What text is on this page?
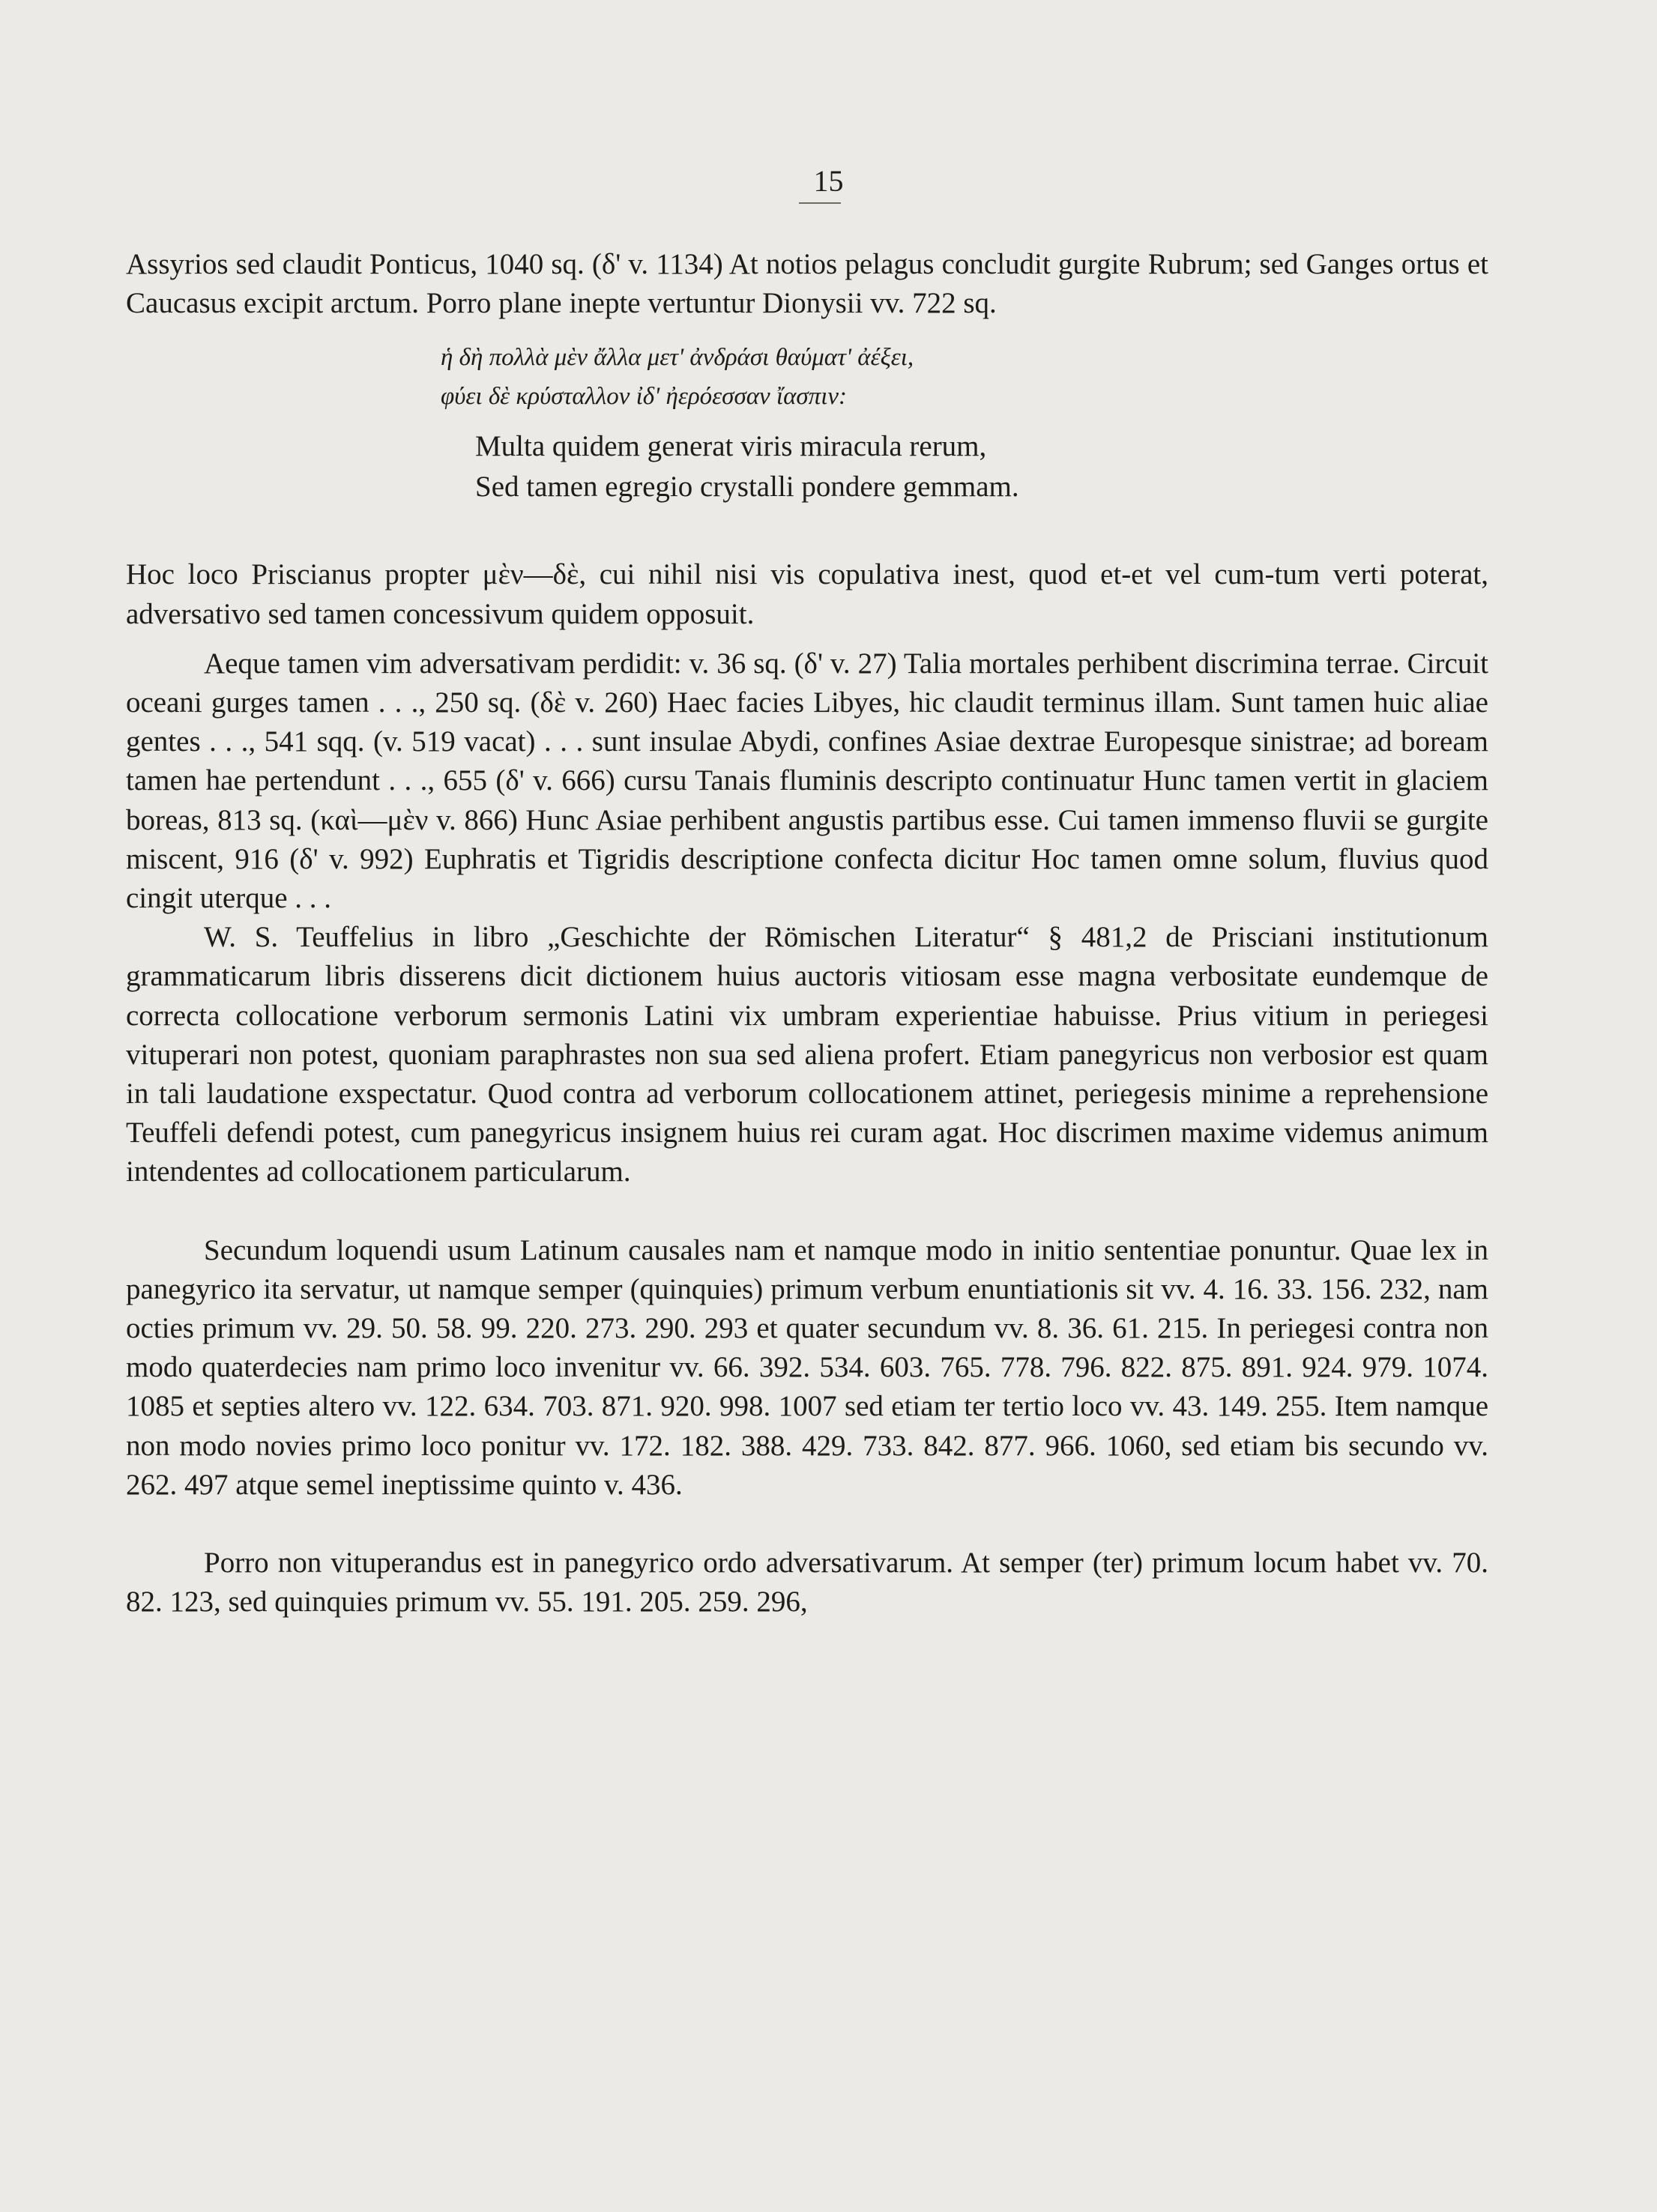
15

Assyrios sed claudit Ponticus, 1040 sq. (δ' v. 1134) At notios pelagus concludit gurgite Rubrum; sed Ganges ortus et Caucasus excipit arctum. Porro plane inepte vertuntur Dionysii vv. 722 sq.

ἡ δὴ πολλὰ μὲν ἄλλα μετ' ἀνδράσι θαύματ' ἀέξει,
φύει δὲ κρύσταλλον ἰδ' ἠερόεσσαν ἴασπιν:
Multa quidem generat viris miracula rerum,
Sed tamen egregio crystalli pondere gemmam.

Hoc loco Priscianus propter μὲν—δὲ, cui nihil nisi vis copulativa inest, quod et-et vel cum-tum verti poterat, adversativo sed tamen concessivum quidem opposuit.

Aeque tamen vim adversativam perdidit: v. 36 sq. (δ' v. 27) Talia mortales perhibent discrimina terrae. Circuit oceani gurges tamen . . ., 250 sq. (δὲ v. 260) Haec facies Libyes, hic claudit terminus illam. Sunt tamen huic aliae gentes . . ., 541 sqq. (v. 519 vacat) . . . sunt insulae Abydi, confines Asiae dextrae Europesque sinistrae; ad boream tamen hae pertendunt . . ., 655 (δ' v. 666) cursu Tanais fluminis descripto continuatur Hunc tamen vertit in glaciem boreas, 813 sq. (καὶ—μὲν v. 866) Hunc Asiae perhibent angustis partibus esse. Cui tamen immenso fluvii se gurgite miscent, 916 (δ' v. 992) Euphratis et Tigridis descriptione confecta dicitur Hoc tamen omne solum, fluvius quod cingit uterque . . .

W. S. Teuffelius in libro „Geschichte der Römischen Literatur“ § 481,2 de Prisciani institutionum grammaticarum libris disserens dicit dictionem huius auctoris vitiosam esse magna verbositate eundemque de correcta collocatione verborum sermonis Latini vix umbram experientiae habuisse. Prius vitium in periegesi vituperari non potest, quoniam paraphrastes non sua sed aliena profert. Etiam panegyricus non verbosior est quam in tali laudatione exspectatur. Quod contra ad verborum collocationem attinet, periegesis minime a reprehensione Teuffeli defendi potest, cum panegyricus insignem huius rei curam agat. Hoc discrimen maxime videmus animum intendentes ad collocationem particularum.

Secundum loquendi usum Latinum causales nam et namque modo in initio sententiae ponuntur. Quae lex in panegyrico ita servatur, ut namque semper (quinquies) primum verbum enuntiationis sit vv. 4. 16. 33. 156. 232, nam octies primum vv. 29. 50. 58. 99. 220. 273. 290. 293 et quater secundum vv. 8. 36. 61. 215. In periegesi contra non modo quaterdecies nam primo loco invenitur vv. 66. 392. 534. 603. 765. 778. 796. 822. 875. 891. 924. 979. 1074. 1085 et septies altero vv. 122. 634. 703. 871. 920. 998. 1007 sed etiam ter tertio loco vv. 43. 149. 255. Item namque non modo novies primo loco ponitur vv. 172. 182. 388. 429. 733. 842. 877. 966. 1060, sed etiam bis secundo vv. 262. 497 atque semel ineptissime quinto v. 436.

Porro non vituperandus est in panegyrico ordo adversativarum. At semper (ter) primum locum habet vv. 70. 82. 123, sed quinquies primum vv. 55. 191. 205. 259. 296,
